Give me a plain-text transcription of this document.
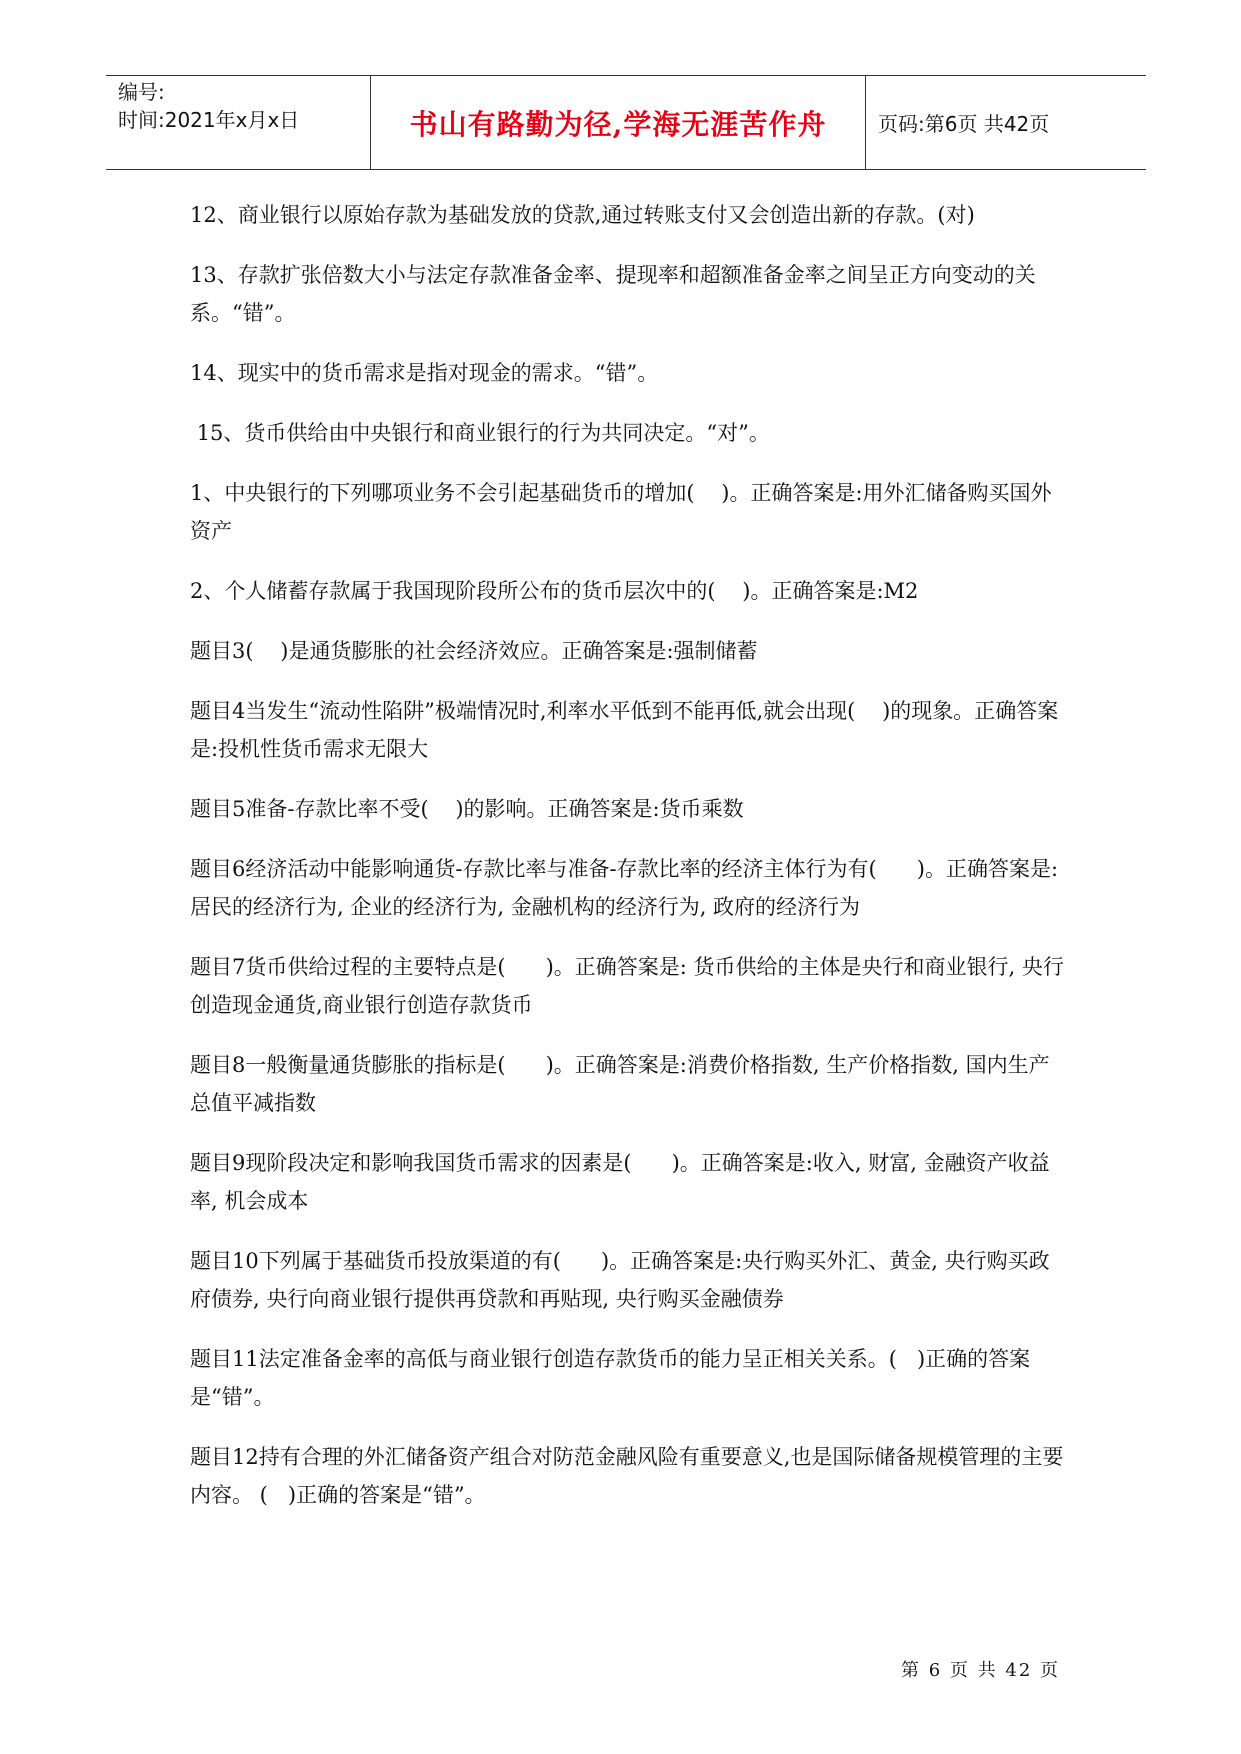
编号:
时间:2021年x月x日	书山有路勤为径,学海无涯苦作舟	页码:第6页 共42页

12、商业银行以原始存款为基础发放的贷款,通过转账支付又会创造出新的存款。(对)

13、存款扩张倍数大小与法定存款准备金率、提现率和超额准备金率之间呈正方向变动的关系。“错”。

14、现实中的货币需求是指对现金的需求。“错”。

15、货币供给由中央银行和商业银行的行为共同决定。“对”。

1、中央银行的下列哪项业务不会引起基础货币的增加(    )。正确答案是:用外汇储备购买国外资产

2、个人储蓄存款属于我国现阶段所公布的货币层次中的(    )。正确答案是:M2

题目3(    )是通货膨胀的社会经济效应。正确答案是:强制储蓄

题目4当发生“流动性陷阱”极端情况时,利率水平低到不能再低,就会出现(    )的现象。正确答案是:投机性货币需求无限大

题目5准备-存款比率不受(    )的影响。正确答案是:货币乘数

题目6经济活动中能影响通货-存款比率与准备-存款比率的经济主体行为有(      )。正确答案是:居民的经济行为, 企业的经济行为, 金融机构的经济行为, 政府的经济行为

题目7货币供给过程的主要特点是(      )。正确答案是: 货币供给的主体是央行和商业银行, 央行创造现金通货,商业银行创造存款货币

题目8一般衡量通货膨胀的指标是(      )。正确答案是:消费价格指数, 生产价格指数, 国内生产总值平减指数

题目9现阶段决定和影响我国货币需求的因素是(      )。正确答案是:收入, 财富, 金融资产收益率, 机会成本

题目10下列属于基础货币投放渠道的有(      )。正确答案是:央行购买外汇、黄金, 央行购买政府债券, 央行向商业银行提供再贷款和再贴现, 央行购买金融债券

题目11法定准备金率的高低与商业银行创造存款货币的能力呈正相关关系。(   )正确的答案是“错”。

题目12持有合理的外汇储备资产组合对防范金融风险有重要意义,也是国际储备规模管理的主要内容。 (   )正确的答案是“错”。

第 6 页 共 42 页
